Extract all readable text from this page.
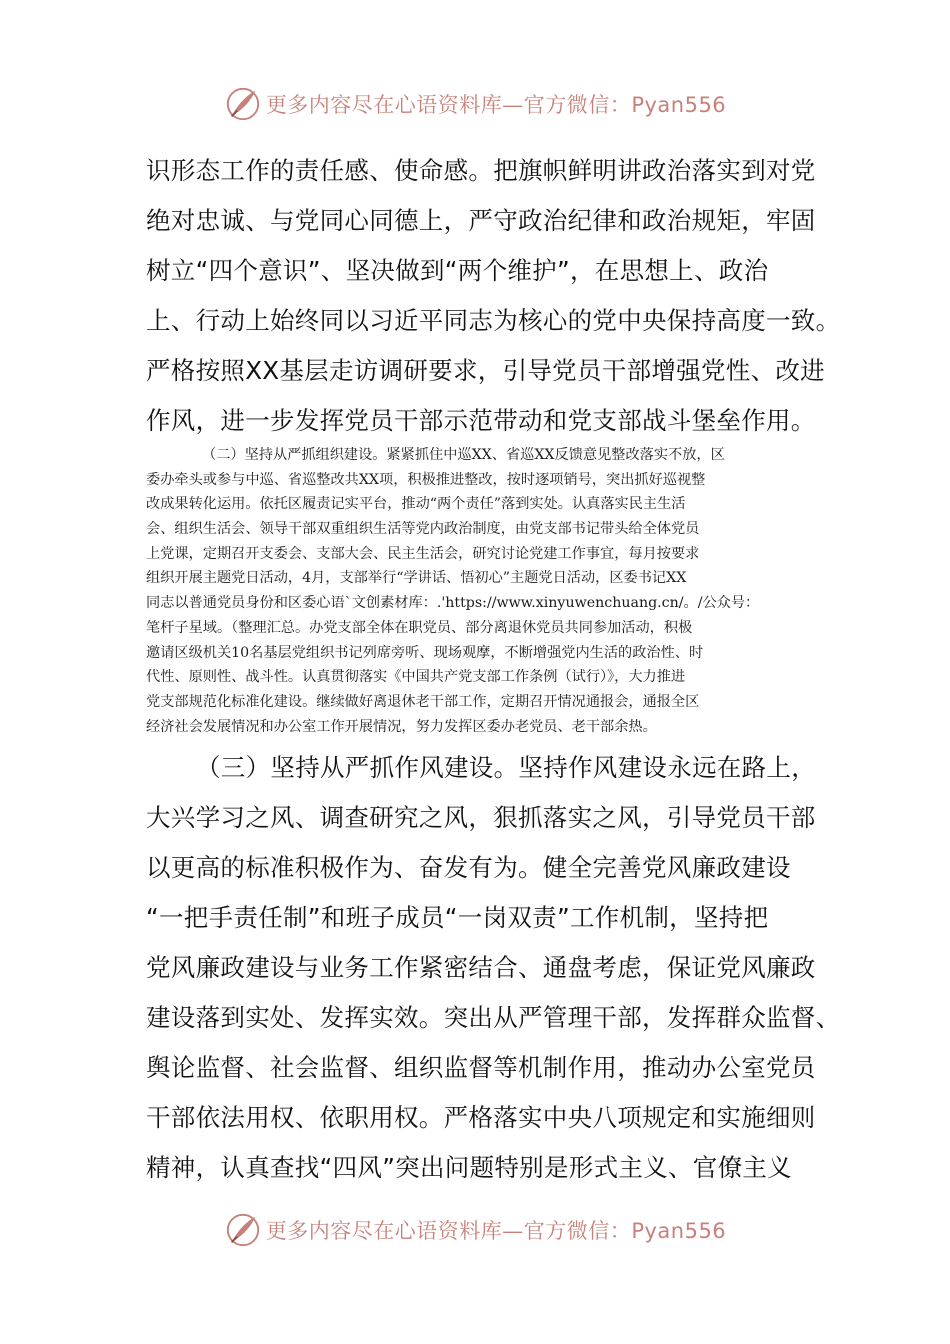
更多内容尽在心语资料库—官方微信：Pyan556
识形态工作的责任感、使命感。把旗帜鲜明讲政治落实到对党
绝对忠诚、与党同心同德上，严守政治纪律和政治规矩，牢固
树立“四个意识”、坚决做到“两个维护”，在思想上、政治
上、行动上始终同以习近平同志为核心的党中央保持高度一致。
严格按照XX基层走访调研要求，引导党员干部增强党性、改进
作风，进一步发挥党员干部示范带动和党支部战斗堡垒作用。
（二）坚持从严抓组织建设。紧紧抓住中巡XX、省巡XX反馈意见整改落实不放，区
委办牵头或参与中巡、省巡整改共XX项，积极推进整改，按时逐项销号，突出抓好巡视整
改成果转化运用。依托区履责记实平台，推动“两个责任”落到实处。认真落实民主生活
会、组织生活会、领导干部双重组织生活等党内政治制度，由党支部书记带头给全体党员
上党课，定期召开支委会、支部大会、民主生活会，研究讨论党建工作事宜，每月按要求
组织开展主题党日活动，4月，支部举行“学讲话、悟初心”主题党日活动，区委书记XX
同志以普通党员身份和区委心语`文创素材库：.'https://www.xinyuwenchuang.cn/。/公众号：
笔杆子星域。（整理汇总。办党支部全体在职党员、部分离退休党员共同参加活动，积极
邀请区级机关10名基层党组织书记列席旁听、现场观摩，不断增强党内生活的政治性、时
代性、原则性、战斗性。认真贯彻落实《中国共产党支部工作条例（试行）》，大力推进
党支部规范化标准化建设。继续做好离退休老干部工作，定期召开情况通报会，通报全区
经济社会发展情况和办公室工作开展情况，努力发挥区委办老党员、老干部余热。
（三）坚持从严抓作风建设。坚持作风建设永远在路上，
大兴学习之风、调查研究之风，狠抓落实之风，引导党员干部
以更高的标准积极作为、奋发有为。健全完善党风廉政建设
“一把手责任制”和班子成员“一岗双责”工作机制，坚持把
党风廉政建设与业务工作紧密结合、通盘考虑，保证党风廉政
建设落到实处、发挥实效。突出从严管理干部，发挥群众监督、
舆论监督、社会监督、组织监督等机制作用，推动办公室党员
干部依法用权、依职用权。严格落实中央八项规定和实施细则
精神，认真查找“四风”突出问题特别是形式主义、官僚主义
更多内容尽在心语资料库—官方微信：Pyan556
